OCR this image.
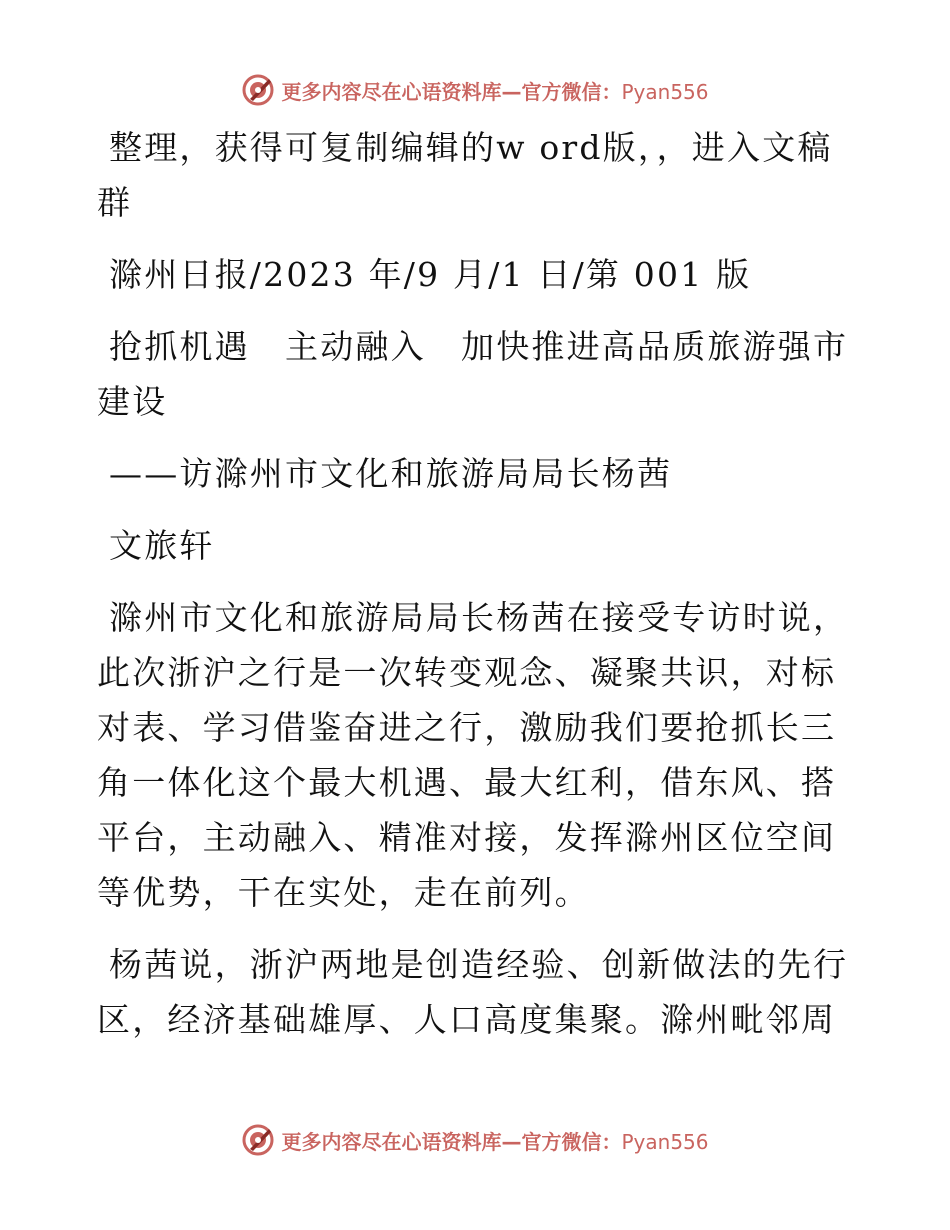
更多内容尽在心语资料库—官方微信：Pyan556

整理，获得可复制编辑的w ord版，，进入文稿群

滁州日报/2023 年/9 月/1 日/第 001 版

抢抓机遇　主动融入　加快推进高品质旅游强市建设

——访滁州市文化和旅游局局长杨茜

文旅轩

滁州市文化和旅游局局长杨茜在接受专访时说，此次浙沪之行是一次转变观念、凝聚共识，对标对表、学习借鉴奋进之行，激励我们要抢抓长三角一体化这个最大机遇、最大红利，借东风、搭平台，主动融入、精准对接，发挥滁州区位空间等优势，干在实处，走在前列。

杨茜说，浙沪两地是创造经验、创新做法的先行区，经济基础雄厚、人口高度集聚。滁州毗邻周

更多内容尽在心语资料库—官方微信：Pyan556
